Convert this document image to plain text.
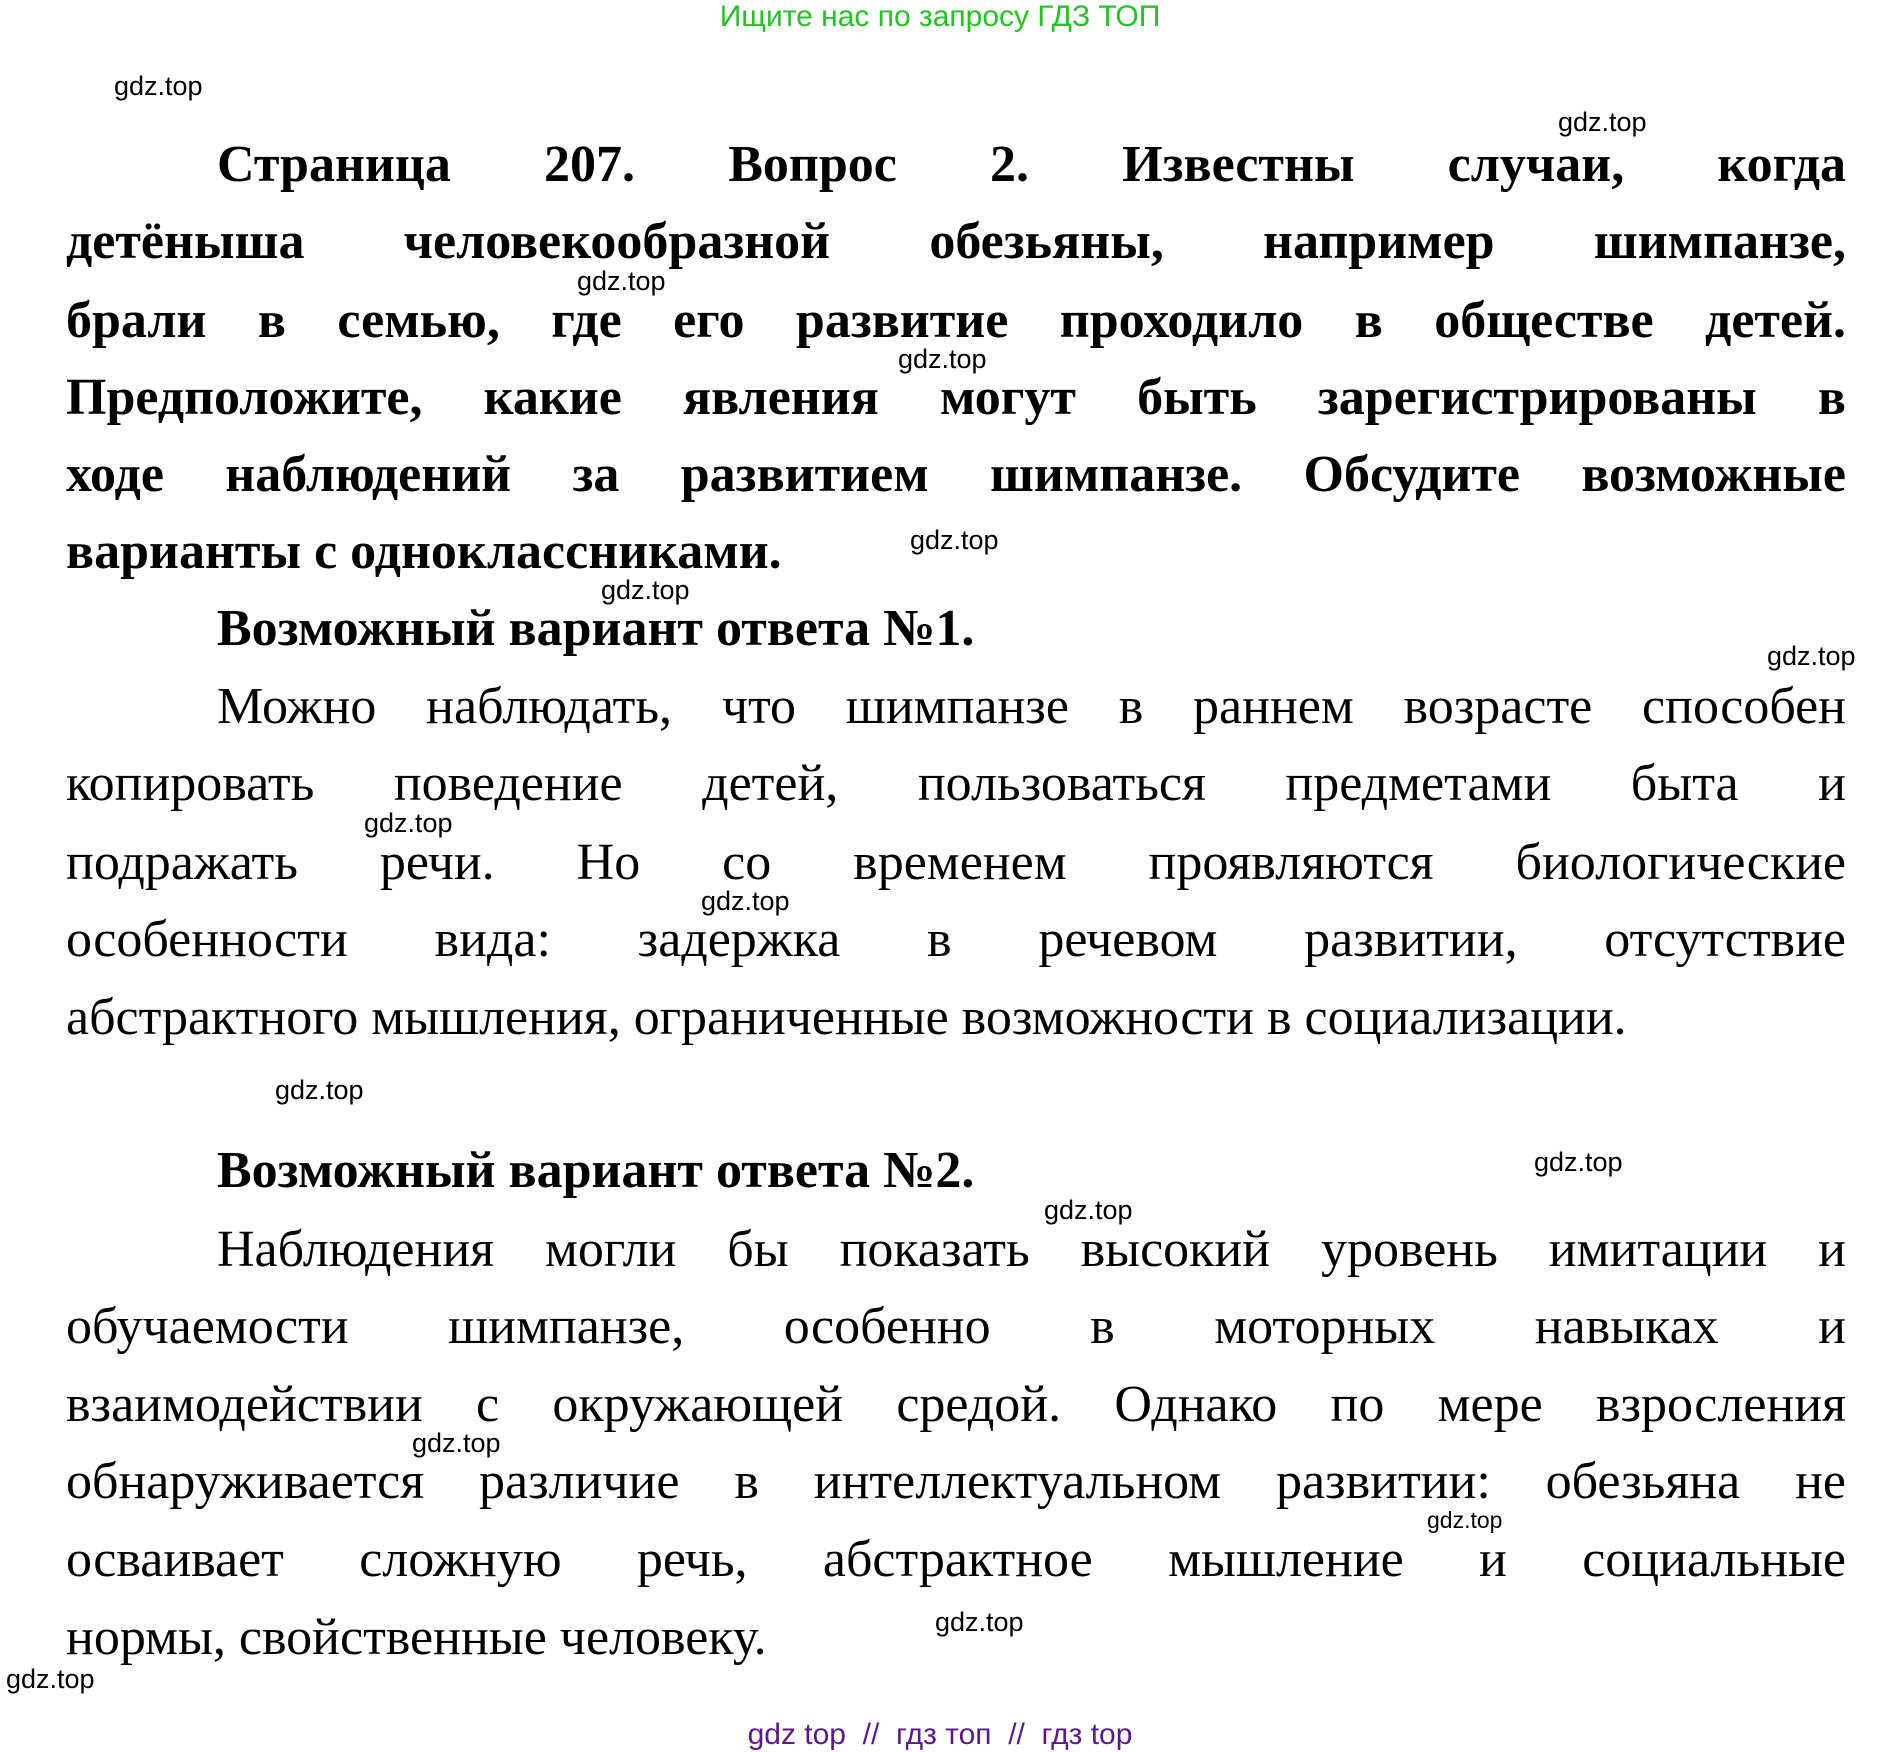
Ищите нас по запросу ГДЗ ТОП
Страница 207. Вопрос 2. Известны случаи, когда
детёныша человекообразной обезьяны, например шимпанзе,
брали в семью, где его развитие проходило в обществе детей.
Предположите, какие явления могут быть зарегистрированы в
ходе наблюдений за развитием шимпанзе. Обсудите возможные
варианты с одноклассниками.
Возможный вариант ответа №1.
Можно наблюдать, что шимпанзе в раннем возрасте способен
копировать поведение детей, пользоваться предметами быта и
подражать речи. Но со временем проявляются биологические
особенности вида: задержка в речевом развитии, отсутствие
абстрактного мышления, ограниченные возможности в социализации.
Возможный вариант ответа №2.
Наблюдения могли бы показать высокий уровень имитации и
обучаемости шимпанзе, особенно в моторных навыках и
взаимодействии с окружающей средой. Однако по мере взросления
обнаруживается различие в интеллектуальном развитии: обезьяна не
осваивает сложную речь, абстрактное мышление и социальные
нормы, свойственные человеку.
gdz.top
gdz.top
gdz.top
gdz.top
gdz.top
gdz.top
gdz.top
gdz.top
gdz.top
gdz.top
gdz.top
gdz.top
gdz.top
gdz.top
gdz.top
gdz.top
gdz top  //  гдз топ  //  гдз top
